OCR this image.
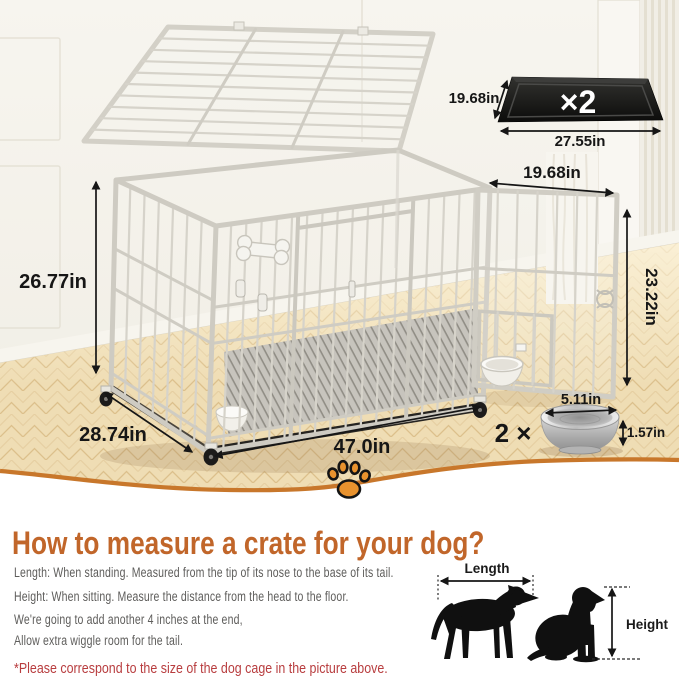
×2
19.68in
27.55in
19.68in
26.77in	23.22in
28.74in
47.0in	2 ×
5.11in
1.57in
Length
Height
How to measure a crate for your dog?

Length: When standing. Measured from the tip of its nose to the base of its tail.

Height: When sitting. Measure the distance from the head to the floor.

We're going to add another 4 inches at the end,

Allow extra wiggle room for the tail.

*Please correspond to the size of the dog cage in the picture above.
